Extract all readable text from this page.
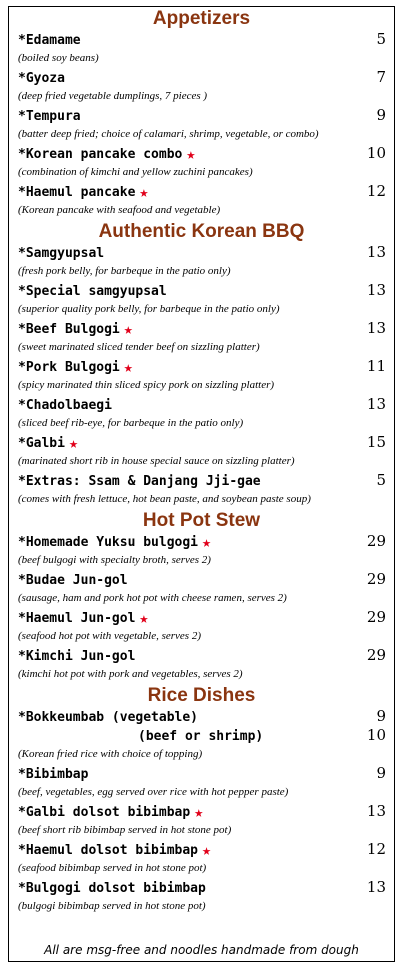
Appetizers
*Edamame	5
(boiled soy beans)
*Gyoza	7
(deep fried vegetable dumplings, 7 pieces )
*Tempura	9
(batter deep fried; choice of calamari, shrimp, vegetable, or combo)
*Korean pancake combo ★	10
(combination of kimchi and yellow zuchini pancakes)
*Haemul pancake ★	12
(Korean pancake with seafood and vegetable)
Authentic Korean BBQ
*Samgyupsal	13
(fresh pork belly, for barbeque in the patio only)
*Special samgyupsal	13
(superior quality pork belly, for barbeque in the patio only)
*Beef Bulgogi ★	13
(sweet marinated sliced tender beef on sizzling platter)
*Pork Bulgogi ★	11
(spicy marinated thin sliced spicy pork on sizzling platter)
*Chadolbaegi	13
(sliced beef rib-eye, for barbeque in the patio only)
*Galbi ★	15
(marinated short rib in house special sauce on sizzling platter)
*Extras: Ssam & Danjang Jji-gae	5
(comes with fresh lettuce, hot bean paste, and soybean paste soup)
Hot Pot Stew
*Homemade Yuksu bulgogi ★	29
(beef bulgogi with specialty broth, serves 2)
*Budae Jun-gol	29
(sausage, ham and pork hot pot with cheese ramen, serves 2)
*Haemul Jun-gol ★	29
(seafood hot pot with vegetable, serves 2)
*Kimchi Jun-gol	29
(kimchi hot pot with pork and vegetables, serves 2)
Rice Dishes
*Bokkeumbab (vegetable)	9
(beef or shrimp)	10
(Korean fried rice with choice of topping)
*Bibimbap	9
(beef, vegetables, egg served over rice with hot pepper paste)
*Galbi dolsot bibimbap ★	13
(beef short rib bibimbap served in hot stone pot)
*Haemul dolsot bibimbap ★	12
(seafood bibimbap served in hot stone pot)
*Bulgogi dolsot bibimbap	13
(bulgogi bibimbap served in hot stone pot)
All are msg-free and noodles handmade from dough
